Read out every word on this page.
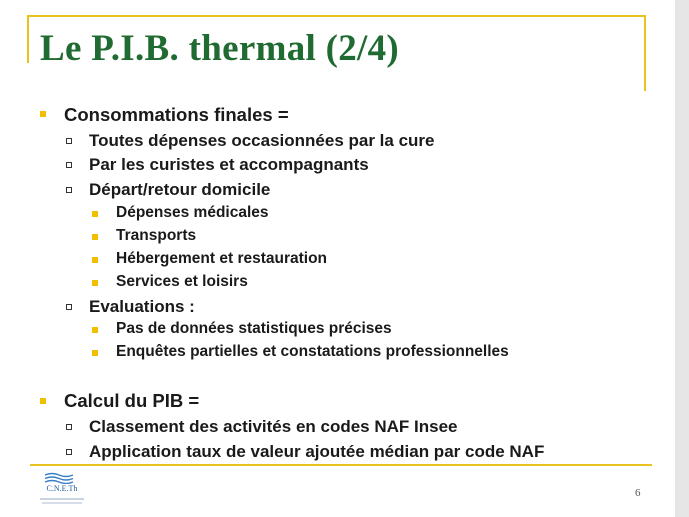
Le P.I.B. thermal (2/4)
Consommations finales =
Toutes dépenses occasionnées par la cure
Par les curistes et accompagnants
Départ/retour domicile
Dépenses médicales
Transports
Hébergement et restauration
Services et loisirs
Evaluations :
Pas de données statistiques précises
Enquêtes partielles et constatations professionnelles
Calcul du PIB =
Classement des activités en codes NAF Insee
Application taux de valeur ajoutée médian par code NAF
C.N.E.Th	6
